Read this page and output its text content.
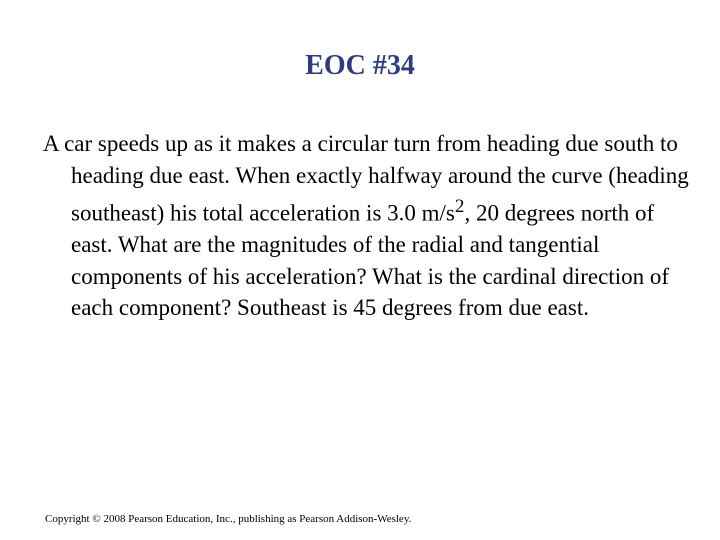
EOC #34

A car speeds up as it makes a circular turn from heading due south to heading due east. When exactly halfway around the curve (heading southeast) his total acceleration is 3.0 $m/s^2$, 20 degrees north of east. What are the magnitudes of the radial and tangential components of his acceleration? What is the cardinal direction of each component? Southeast is 45 degrees from due east.

Copyright © 2008 Pearson Education, Inc., publishing as Pearson Addison-Wesley.
